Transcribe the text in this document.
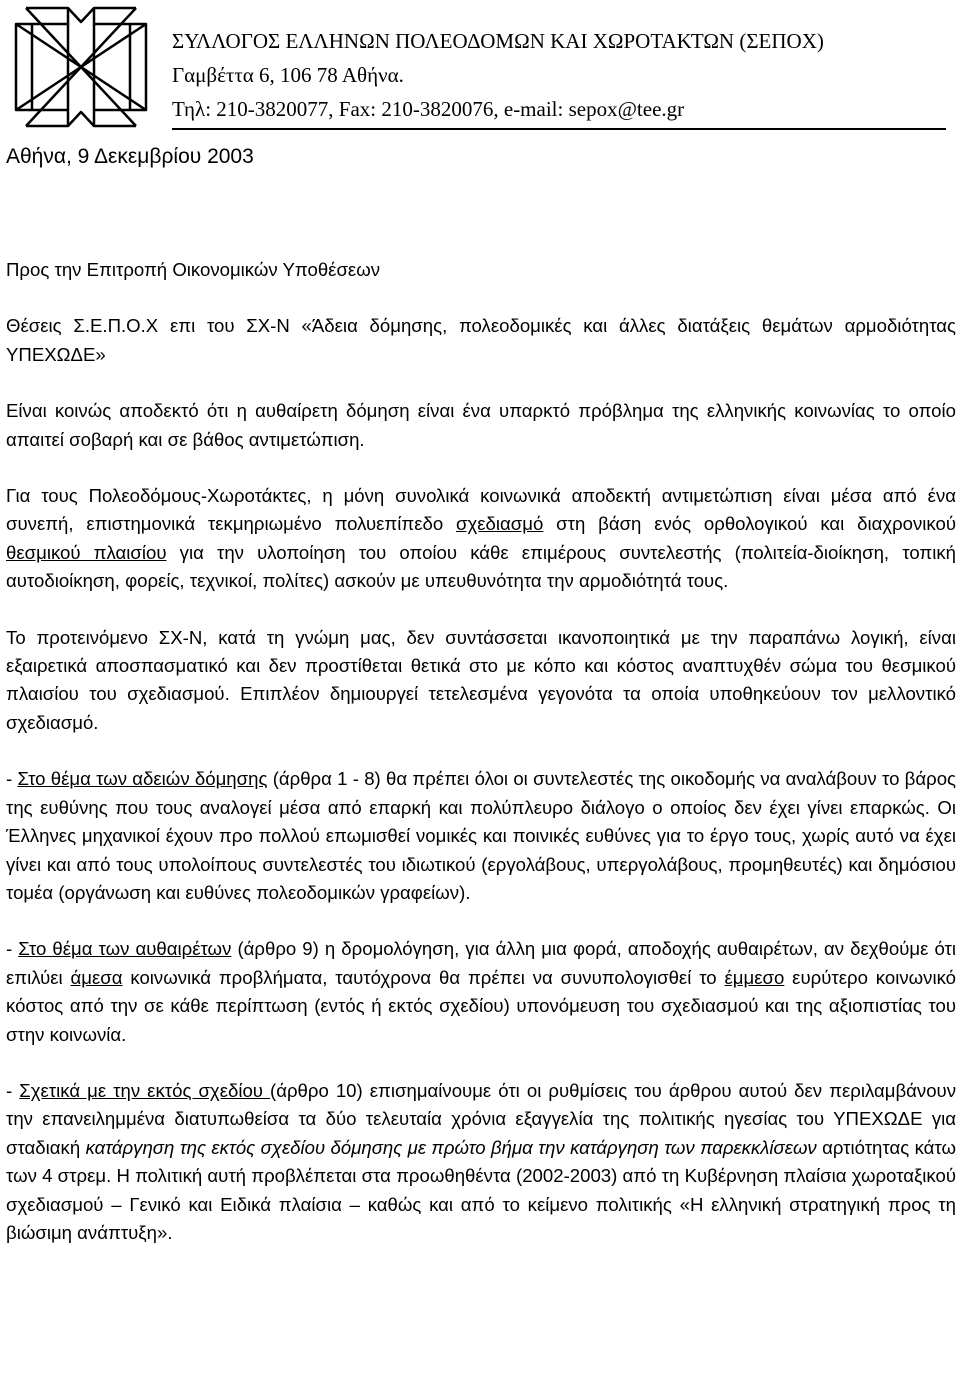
ΣΥΛΛΟΓΟΣ ΕΛΛΗΝΩΝ ΠΟΛΕΟΔΟΜΩΝ ΚΑΙ ΧΩΡΟΤΑΚΤΩΝ (ΣΕΠΟΧ)
Γαμβέττα 6, 106 78 Αθήνα.
Τηλ: 210-3820077, Fax: 210-3820076, e-mail: sepox@tee.gr
Αθήνα, 9 Δεκεμβρίου 2003

Προς την Επιτροπή Οικονομικών Υποθέσεων

Θέσεις Σ.Ε.Π.Ο.Χ επι του ΣΧ-Ν «Άδεια δόμησης, πολεοδομικές και άλλες διατάξεις θεμάτων αρμοδιότητας ΥΠΕΧΩΔΕ»

Είναι κοινώς αποδεκτό ότι η αυθαίρετη δόμηση είναι ένα υπαρκτό πρόβλημα της ελληνικής κοινωνίας το οποίο απαιτεί σοβαρή και σε βάθος αντιμετώπιση.

Για τους Πολεοδόμους-Χωροτάκτες, η μόνη συνολικά κοινωνικά αποδεκτή αντιμετώπιση είναι μέσα από ένα συνεπή, επιστημονικά τεκμηριωμένο πολυεπίπεδο σχεδιασμό στη βάση ενός ορθολογικού και διαχρονικού θεσμικού πλαισίου για την υλοποίηση του οποίου κάθε επιμέρους συντελεστής (πολιτεία-διοίκηση, τοπική αυτοδιοίκηση, φορείς, τεχνικοί, πολίτες) ασκούν με υπευθυνότητα την αρμοδιότητά τους.

Το προτεινόμενο ΣΧ-Ν, κατά τη γνώμη μας, δεν συντάσσεται ικανοποιητικά με την παραπάνω λογική, είναι εξαιρετικά αποσπασματικό και δεν προστίθεται θετικά στο με κόπο και κόστος αναπτυχθέν σώμα του θεσμικού πλαισίου του σχεδιασμού. Επιπλέον δημιουργεί τετελεσμένα γεγονότα τα οποία υποθηκεύουν τον μελλοντικό σχεδιασμό.

- Στο θέμα των αδειών δόμησης (άρθρα 1 - 8) θα πρέπει όλοι οι συντελεστές της οικοδομής να αναλάβουν το βάρος της ευθύνης που τους αναλογεί μέσα από επαρκή και πολύπλευρο διάλογο ο οποίος δεν έχει γίνει επαρκώς. Οι Έλληνες μηχανικοί έχουν προ πολλού επωμισθεί νομικές και ποινικές ευθύνες για το έργο τους, χωρίς αυτό να έχει γίνει και από τους υπολοίπους συντελεστές του ιδιωτικού (εργολάβους, υπεργολάβους, προμηθευτές) και δημόσιου τομέα (οργάνωση και ευθύνες πολεοδομικών γραφείων).

- Στο θέμα των αυθαιρέτων (άρθρο 9) η δρομολόγηση, για άλλη μια φορά, αποδοχής αυθαιρέτων, αν δεχθούμε ότι επιλύει άμεσα κοινωνικά προβλήματα, ταυτόχρονα θα πρέπει να συνυπολογισθεί το έμμεσο ευρύτερο κοινωνικό κόστος από την σε κάθε περίπτωση (εντός ή εκτός σχεδίου) υπονόμευση του σχεδιασμού και της αξιοπιστίας του στην κοινωνία.

- Σχετικά με την εκτός σχεδίου (άρθρο 10) επισημαίνουμε ότι οι ρυθμίσεις του άρθρου αυτού δεν περιλαμβάνουν την επανειλημμένα διατυπωθείσα τα δύο τελευταία χρόνια εξαγγελία της πολιτικής ηγεσίας του ΥΠΕΧΩΔΕ για σταδιακή κατάργηση της εκτός σχεδίου δόμησης με πρώτο βήμα την κατάργηση των παρεκκλίσεων αρτιότητας κάτω των 4 στρεμ. Η πολιτική αυτή προβλέπεται στα προωθηθέντα (2002-2003) από τη Κυβέρνηση πλαίσια χωροταξικού σχεδιασμού – Γενικό και Ειδικά πλαίσια – καθώς και από το κείμενο πολιτικής «Η ελληνική στρατηγική προς τη βιώσιμη ανάπτυξη».
